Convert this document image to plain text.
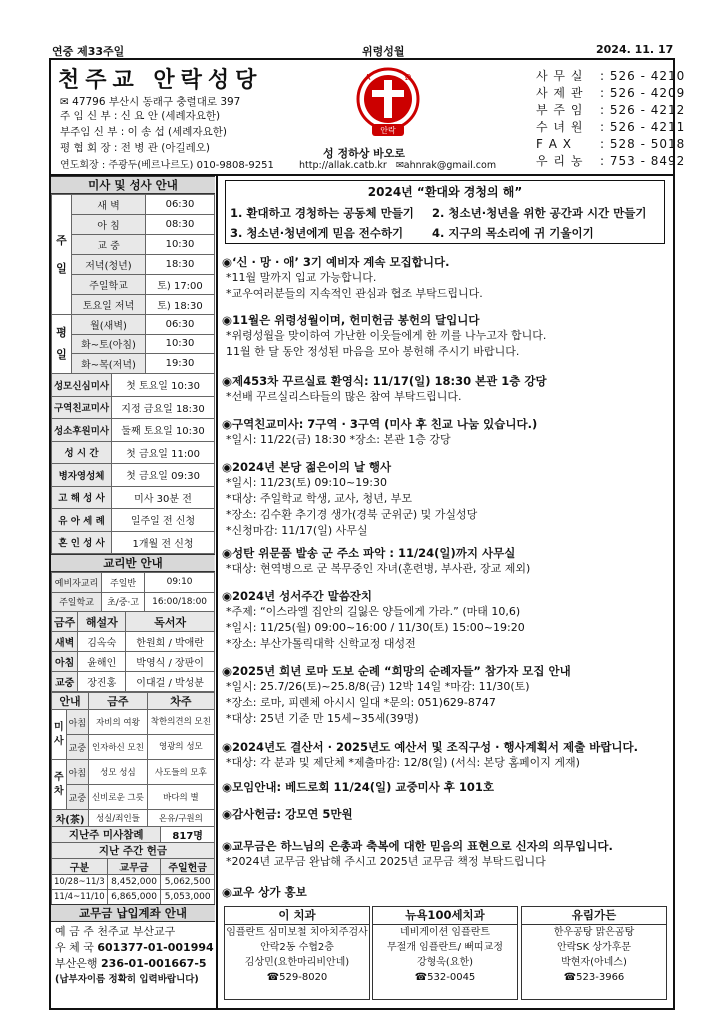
연중 제33주일	위령성월	2024. 11. 17
천주교 안락성당
✉ 47796 부산시 동래구 충렬대로 397
주 임 신 부 : 신 요 안 (세례자요한)
부주임 신 부 : 이 송 섭 (세례자요한)
평 협 회 장 : 전 병 관 (아길레오)
연도회장 : 주광두(베르나르도) 010-9808-9251
A	Ω
안락
성 정하상 바오로
http://allak.catb.kr ✉ahnrak@gmail.com
사 무 실 : 526 - 4210
사 제 관 : 526 - 4209
부 주 임 : 526 - 4212
수 녀 원 : 526 - 4211
F A X : 528 - 5018
우 리 농 : 753 - 8492
미사 및 성사 안내
주일	새 벽	06:30
	아 침	08:30
	교 중	10:30
	저녁(청년)	18:30
	주일학교	토) 17:00
	토요일 저녁	토) 18:30
평일	월(새벽)	06:30
	화~토(아침)	10:30
	화~목(저녁)	19:30
성모신심미사	첫 토요일 10:30
구역친교미사	지정 금요일 18:30
성소후원미사	둘째 토요일 10:30
성 시 간	첫 금요일 11:00
병자영성체	첫 금요일 09:30
고 해 성 사	미사 30분 전
유 아 세 례	일주일 전 신청
혼 인 성 사	1개월 전 신청
교리반 안내
예비자교리	주일반	09:10
주일학교	초/중·고	16:00/18:00
금주	해설자	독서자
새벽	김옥숙	한원희 / 박애란
아침	윤해인	박영식 / 장판이
교중	장진홍	이대걸 / 박성분
안내		금주	차주
미사	아침	자비의 여왕	착한의견의 모친
	교중	인자하신 모친	영광의 성모
주차	아침	성모 성심	사도들의 모후
	교중	신비로운 그릇	바다의 별
차(茶)		성실/죄인들	온유/구원의
지난주 미사참례		817명
지난 주간 헌금		
구분	교무금	주일헌금
10/28~11/3	8,452,000	5,062,500
11/4~11/10	6,865,000	5,053,000
교무금 납입계좌 안내
예 금 주 천주교 부산교구
우 체 국 601377-01-001994
부산은행 236-01-001667-5
(납부자이름 정확히 입력바랍니다)
2024년 “환대와 경청의 해”
1. 환대하고 경청하는 공동체 만들기 2. 청소년·청년을 위한 공간과 시간 만들기
3. 청소년·청년에게 믿음 전수하기	4. 지구의 목소리에 귀 기울이기
◉‘신 · 망 · 애’ 3기 예비자 계속 모집합니다.
*11월 말까지 입교 가능합니다.
*교우여러분들의 지속적인 관심과 협조 부탁드립니다.
◉11월은 위령성월이며, 헌미헌금 봉헌의 달입니다
*위령성월을 맞이하여 가난한 이웃들에게 한 끼를 나누고자 합니다.
11월 한 달 동안 정성된 마음을 모아 봉헌해 주시기 바랍니다.
◉제453차 꾸르실료 환영식: 11/17(일) 18:30 본관 1층 강당
*선배 꾸르실리스타들의 많은 참여 부탁드립니다.
◉구역친교미사: 7구역 · 3구역 (미사 후 친교 나눔 있습니다.)
*일시: 11/22(금) 18:30 *장소: 본관 1층 강당
◉2024년 본당 젊은이의 날 행사
*일시: 11/23(토) 09:10~19:30
*대상: 주일학교 학생, 교사, 청년, 부모
*장소: 김수환 추기경 생가(경북 군위군) 및 가실성당
*신청마감: 11/17(일) 사무실
◉성탄 위문품 발송 군 주소 파악 : 11/24(일)까지 사무실
*대상: 현역병으로 군 복무중인 자녀(훈련병, 부사관, 장교 제외)
◉2024년 성서주간 말씀잔치
*주제: “이스라엘 집안의 길잃은 양들에게 가라.” (마태 10,6)
*일시: 11/25(월) 09:00~16:00 / 11/30(토) 15:00~19:20
*장소: 부산가톨릭대학 신학교정 대성전
◉2025년 희년 로마 도보 순례 “희망의 순례자들” 참가자 모집 안내
*일시: 25.7/26(토)~25.8/8(금) 12박 14일 *마감: 11/30(토)
*장소: 로마, 피렌체 아시시 일대 *문의: 051)629-8747
*대상: 25년 기준 만 15세~35세(39명)
◉2024년도 결산서 · 2025년도 예산서 및 조직구성 · 행사계획서 제출 바랍니다.
*대상: 각 분과 및 제단체 *제출마감: 12/8(일) (서식: 본당 홈페이지 게재)
◉모임안내: 베드로회 11/24(일) 교중미사 후 101호
◉감사헌금: 강모연 5만원
◉교무금은 하느님의 은총과 축복에 대한 믿음의 표현으로 신자의 의무입니다.
*2024년 교무금 완납해 주시고 2025년 교무금 책정 부탁드립니다
◉교우 상가 홍보
이 치과
임플란트 심미보철 치아치주검사
안락2동 수협2층
김상민(요한마리비안네)
☎529-8020
뉴욕100세치과
네비게이션 임플란트
무절개 임플란트/ 뻐띠교정
강형욱(요한)
☎532-0045
유림가든
한우공탕 맑은곰탕
안락SK 상가후문
박현자(아네스)
☎523-3966
